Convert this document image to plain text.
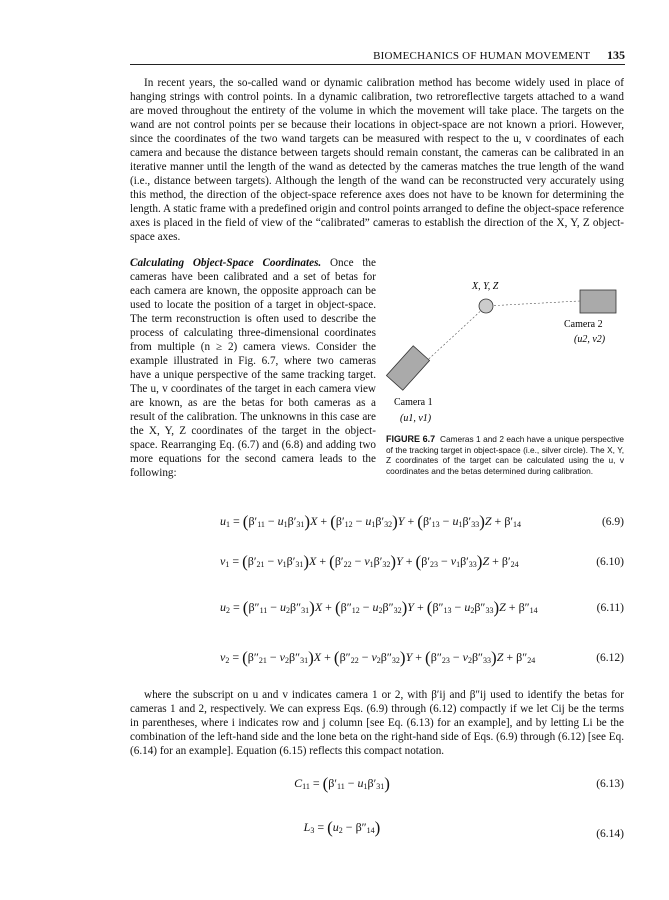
BIOMECHANICS OF HUMAN MOVEMENT 135

In recent years, the so-called wand or dynamic calibration method has become widely used in place of hanging strings with control points. In a dynamic calibration, two retroreflective targets attached to a wand are moved throughout the entirety of the volume in which the movement will take place. The targets on the wand are not control points per se because their locations in object-space are not known a priori. However, since the coordinates of the two wand targets can be measured with respect to the u, v coordinates of each camera and because the distance between targets should remain constant, the cameras can be calibrated in an iterative manner until the length of the wand as detected by the cameras matches the true length of the wand (i.e., distance between targets). Although the length of the wand can be reconstructed very accurately using this method, the direction of the object-space reference axes does not have to be known for determining the length. A static frame with a predefined origin and control points arranged to define the object-space reference axes is placed in the field of view of the “calibrated” cameras to establish the direction of the X, Y, Z object-space axes.

Calculating Object-Space Coordinates. Once the cameras have been calibrated and a set of betas for each camera are known, the opposite approach can be used to locate the position of a target in object-space. The term reconstruction is often used to describe the process of calculating three-dimensional coordinates from multiple (n ≥ 2) camera views. Consider the example illustrated in Fig. 6.7, where two cameras have a unique perspective of the same tracking target. The u, v coordinates of the target in each camera view are known, as are the betas for both cameras as a result of the calibration. The unknowns in this case are the X, Y, Z coordinates of the target in the object-space. Rearranging Eq. (6.7) and (6.8) and adding two more equations for the second camera leads to the following:

X, Y, Z
Camera 2
(u2, v2)
Camera 1
(u1, v1)

FIGURE 6.7 Cameras 1 and 2 each have a unique perspective of the tracking target in object-space (i.e., silver circle). The X, Y, Z coordinates of the target can be calculated using the u, v coordinates and the betas determined during calibration.

$u_1 = (\beta'_{11} - u_1\beta'_{31})X + (\beta'_{12} - u_1\beta'_{32})Y + (\beta'_{13} - u_1\beta'_{33})Z + \beta'_{14}$	(6.9)
$v_1 = (\beta'_{21} - v_1\beta'_{31})X + (\beta'_{22} - v_1\beta'_{32})Y + (\beta'_{23} - v_1\beta'_{33})Z + \beta'_{24}$	(6.10)
$u_2 = (\beta''_{11} - u_2\beta''_{31})X + (\beta''_{12} - u_2\beta''_{32})Y + (\beta''_{13} - u_2\beta''_{33})Z + \beta''_{14}$	(6.11)
$v_2 = (\beta''_{21} - v_2\beta''_{31})X + (\beta''_{22} - v_2\beta''_{32})Y + (\beta''_{23} - v_2\beta''_{33})Z + \beta''_{24}$	(6.12)

where the subscript on u and v indicates camera 1 or 2, with β′ij and β″ij used to identify the betas for cameras 1 and 2, respectively. We can express Eqs. (6.9) through (6.12) compactly if we let Cij be the terms in parentheses, where i indicates row and j column [see Eq. (6.13) for an example], and by letting Li be the combination of the left-hand side and the lone beta on the right-hand side of Eqs. (6.9) through (6.12) [see Eq. (6.14) for an example]. Equation (6.15) reflects this compact notation.

$C_{11} = (\beta'_{11} - u_1\beta'_{31})$	(6.13)
$L_3 = (u_2 - \beta''_{14})$	(6.14)
